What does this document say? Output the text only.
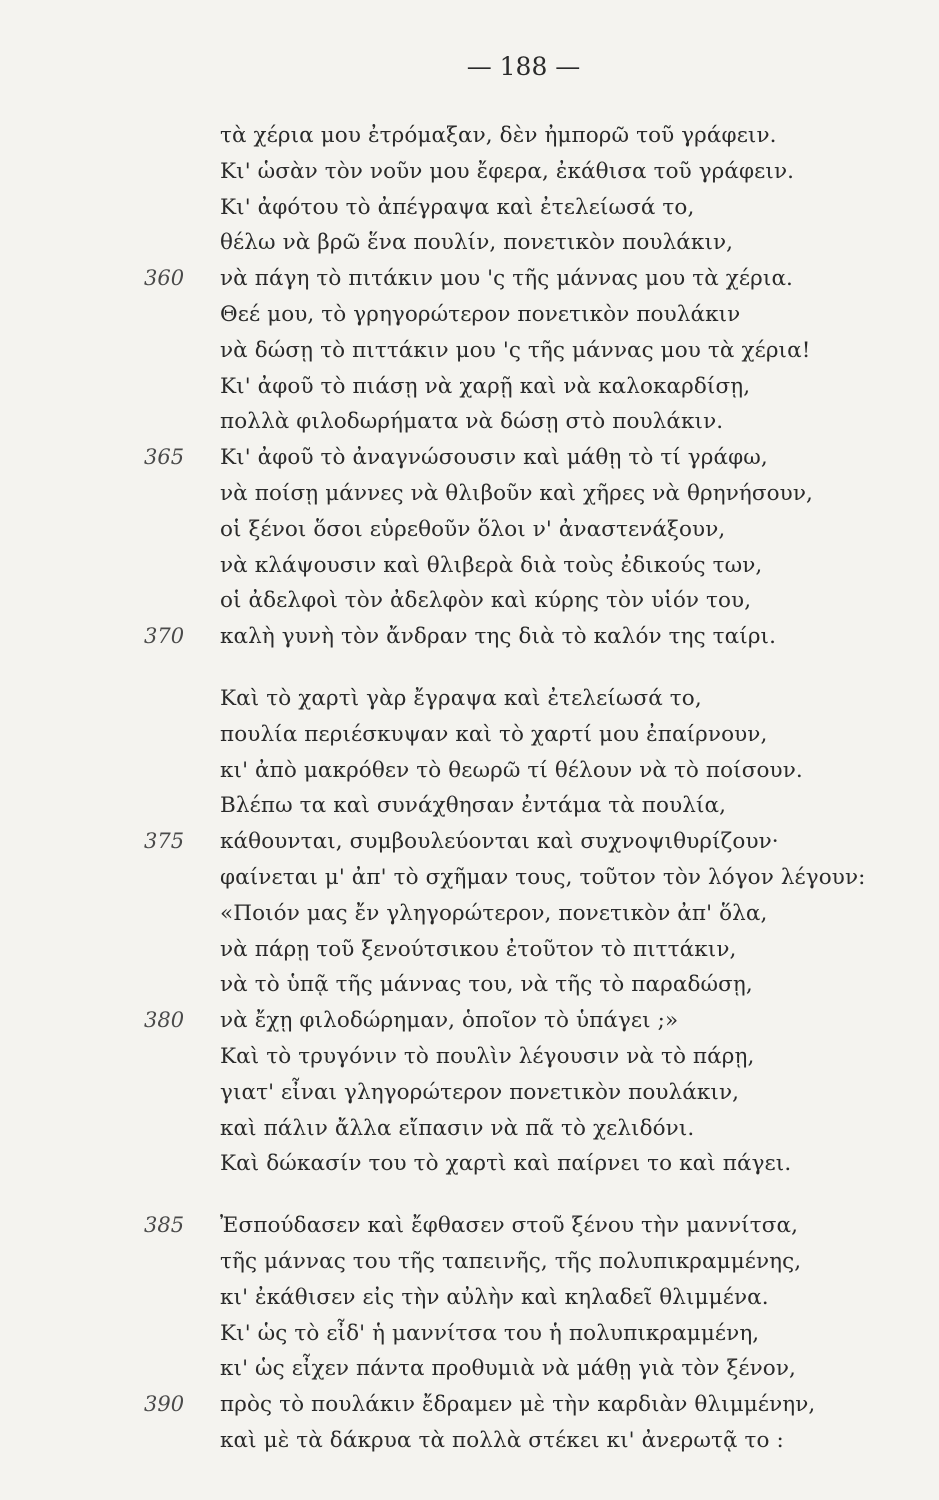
— 188 —
τὰ χέρια μου ἐτρόμαξαν, δὲν ἠμπορῶ τοῦ γράφειν.
Κι' ὡσὰν τὸν νοῦν μου ἔφερα, ἐκάθισα τοῦ γράφειν.
Κι' ἀφότου τὸ ἀπέγραψα καὶ ἐτελείωσά το,
θέλω νὰ βρῶ ἕνα πουλίν, πονετικὸν πουλάκιν,
360	νὰ πάγη τὸ πιτάκιν μου 'ς τῆς μάννας μου τὰ χέρια.
Θεέ μου, τὸ γρηγορώτερον πονετικὸν πουλάκιν
νὰ δώσῃ τὸ πιττάκιν μου 'ς τῆς μάννας μου τὰ χέρια!
Κι' ἀφοῦ τὸ πιάσῃ νὰ χαρῇ καὶ νὰ καλοκαρδίσῃ,
πολλὰ φιλοδωρήματα νὰ δώσῃ στὸ πουλάκιν.
365	Κι' ἀφοῦ τὸ ἀναγνώσουσιν καὶ μάθῃ τὸ τί γράφω,
νὰ ποίσῃ μάννες νὰ θλιβοῦν καὶ χῆρες νὰ θρηνήσουν,
οἱ ξένοι ὅσοι εὑρεθοῦν ὅλοι ν' ἀναστενάξουν,
νὰ κλάψουσιν καὶ θλιβερὰ διὰ τοὺς ἐδικούς των,
οἱ ἀδελφοὶ τὸν ἀδελφὸν καὶ κύρης τὸν υἱόν του,
370	καλὴ γυνὴ τὸν ἄνδραν της διὰ τὸ καλόν της ταίρι.
Καὶ τὸ χαρτὶ γὰρ ἔγραψα καὶ ἐτελείωσά το,
πουλία περιέσκυψαν καὶ τὸ χαρτί μου ἐπαίρνουν,
κι' ἀπὸ μακρόθεν τὸ θεωρῶ τί θέλουν νὰ τὸ ποίσουν.
Βλέπω τα καὶ συνάχθησαν ἐντάμα τὰ πουλία,
375	κάθουνται, συμβουλεύονται καὶ συχνοψιθυρίζουν·
φαίνεται μ' ἀπ' τὸ σχῆμαν τους, τοῦτον τὸν λόγον λέγουν:
«Ποιόν μας ἔν γληγορώτερον, πονετικὸν ἀπ' ὅλα,
νὰ πάρῃ τοῦ ξενούτσικου ἐτοῦτον τὸ πιττάκιν,
νὰ τὸ ὑπᾷ τῆς μάννας του, νὰ τῆς τὸ παραδώσῃ,
380	νὰ ἔχῃ φιλοδώρημαν, ὁποῖον τὸ ὑπάγει ;»
Καὶ τὸ τρυγόνιν τὸ πουλὶν λέγουσιν νὰ τὸ πάρῃ,
γιατ' εἶναι γληγορώτερον πονετικὸν πουλάκιν,
καὶ πάλιν ἄλλα εἴπασιν νὰ πᾶ τὸ χελιδόνι.
Καὶ δώκασίν του τὸ χαρτὶ καὶ παίρνει το καὶ πάγει.
385	Ἐσπούδασεν καὶ ἔφθασεν στοῦ ξένου τὴν μαννίτσα,
τῆς μάννας του τῆς ταπεινῆς, τῆς πολυπικραμμένης,
κι' ἐκάθισεν εἰς τὴν αὐλὴν καὶ κηλαδεῖ θλιμμένα.
Κι' ὡς τὸ εἶδ' ἡ μαννίτσα του ἡ πολυπικραμμένη,
κι' ὡς εἶχεν πάντα προθυμιὰ νὰ μάθῃ γιὰ τὸν ξένον,
390	πρὸς τὸ πουλάκιν ἔδραμεν μὲ τὴν καρδιὰν θλιμμένην,
καὶ μὲ τὰ δάκρυα τὰ πολλὰ στέκει κι' ἀνερωτᾷ το :
